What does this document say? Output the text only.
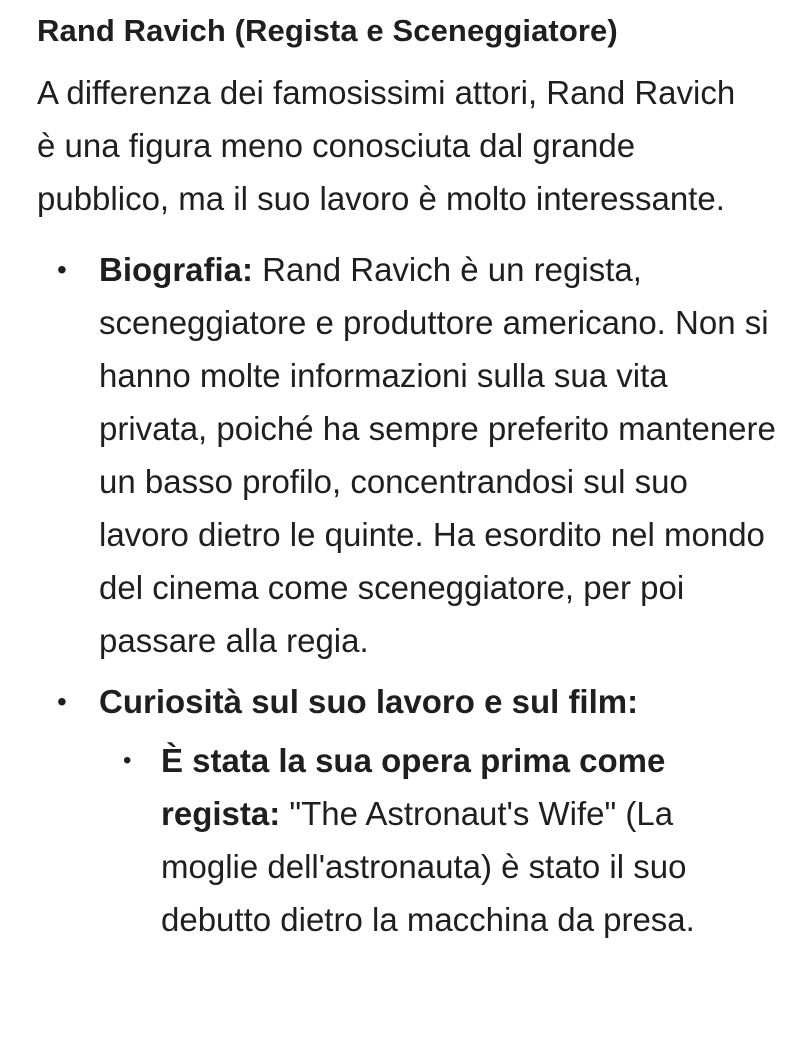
Rand Ravich (Regista e Sceneggiatore)
A differenza dei famosissimi attori, Rand Ravich è una figura meno conosciuta dal grande pubblico, ma il suo lavoro è molto interessante.
• Biografia: Rand Ravich è un regista, sceneggiatore e produttore americano. Non si hanno molte informazioni sulla sua vita privata, poiché ha sempre preferito mantenere un basso profilo, concentrandosi sul suo lavoro dietro le quinte. Ha esordito nel mondo del cinema come sceneggiatore, per poi passare alla regia.
• Curiosità sul suo lavoro e sul film:
• È stata la sua opera prima come regista: "The Astronaut's Wife" (La moglie dell'astronauta) è stato il suo debutto dietro la macchina da presa.
